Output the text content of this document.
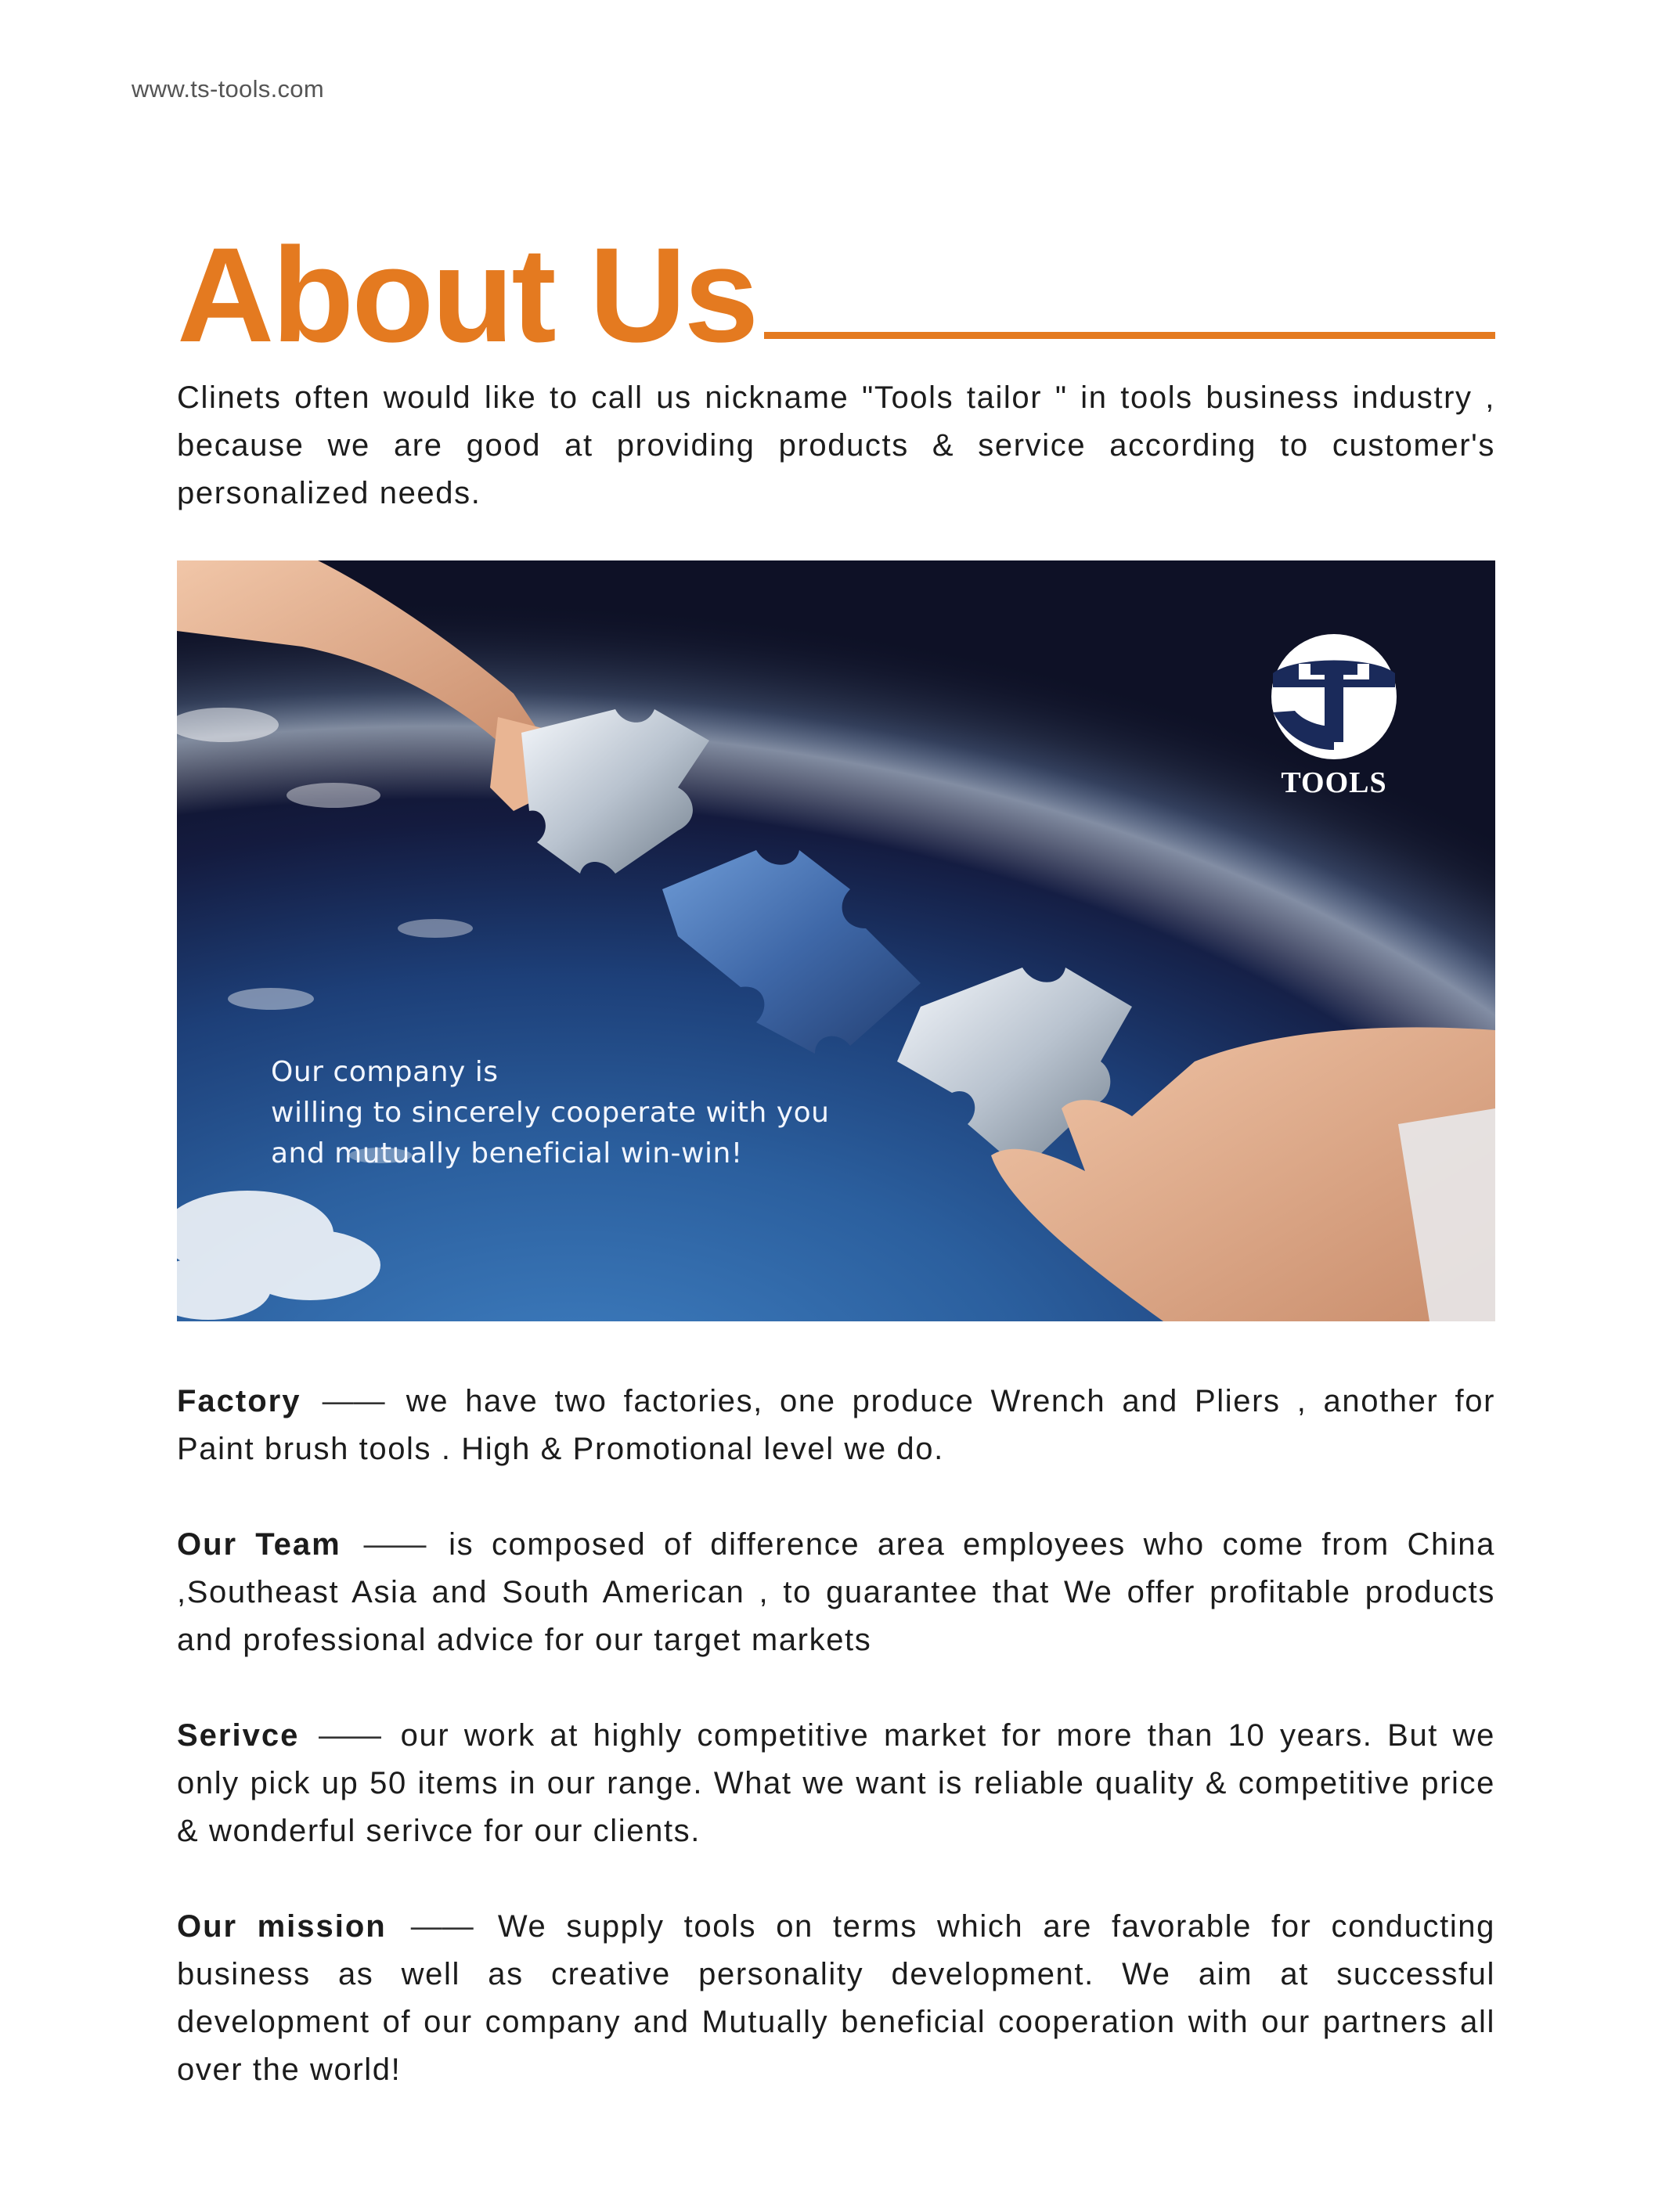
www.ts-tools.com
About Us

Clinets often would like to call us nickname "Tools tailor " in tools business industry , because we are good at providing products & service according to customer's personalized needs.

TOOLS
Our company is
willing to sincerely cooperate with you
and mutually beneficial win-win!

Factory —— we have two factories, one produce Wrench and Pliers , another for Paint brush tools . High & Promotional level we do.

Our Team —— is composed of difference area employees who come from China ,Southeast Asia and South American , to guarantee that We offer profitable products and professional advice for our target markets

Serivce —— our work at highly competitive market for more than 10 years. But we only pick up 50 items in our range. What we want is reliable quality & competitive price & wonderful serivce for our clients.

Our mission —— We supply tools on terms which are favorable for conducting business as well as creative personality development. We aim at successful development of our company and Mutually beneficial cooperation with our partners all over the world!
